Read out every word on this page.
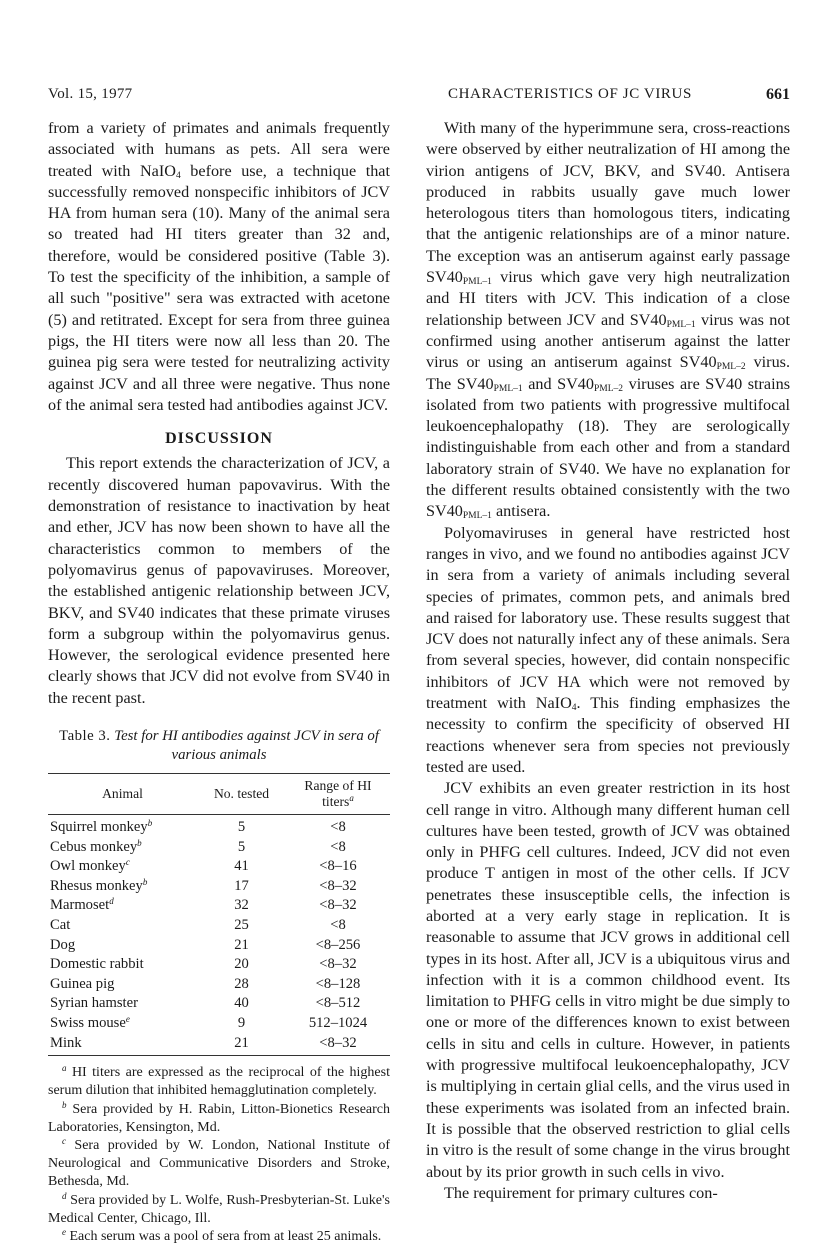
Vol. 15, 1977	CHARACTERISTICS OF JC VIRUS	661

from a variety of primates and animals frequently associated with humans as pets. All sera were treated with NaIO$_4$ before use, a technique that successfully removed nonspecific inhibitors of JCV HA from human sera (10). Many of the animal sera so treated had HI titers greater than 32 and, therefore, would be considered positive (Table 3). To test the specificity of the inhibition, a sample of all such "positive" sera was extracted with acetone (5) and retitrated. Except for sera from three guinea pigs, the HI titers were now all less than 20. The guinea pig sera were tested for neutralizing activity against JCV and all three were negative. Thus none of the animal sera tested had antibodies against JCV.

DISCUSSION

This report extends the characterization of JCV, a recently discovered human papovavirus. With the demonstration of resistance to inactivation by heat and ether, JCV has now been shown to have all the characteristics common to members of the polyomavirus genus of papovaviruses. Moreover, the established antigenic relationship between JCV, BKV, and SV40 indicates that these primate viruses form a subgroup within the polyomavirus genus. However, the serological evidence presented here clearly shows that JCV did not evolve from SV40 in the recent past.

Table 3. Test for HI antibodies against JCV in sera of various animals
Animal	No. tested	Range of HI titers$^a$
Squirrel monkey$^b$	5	<8
Cebus monkey$^b$	5	<8
Owl monkey$^c$	41	<8–16
Rhesus monkey$^b$	17	<8–32
Marmoset$^d$	32	<8–32
Cat	25	<8
Dog	21	<8–256
Domestic rabbit	20	<8–32
Guinea pig	28	<8–128
Syrian hamster	40	<8–512
Swiss mouse$^e$	9	512–1024
Mink	21	<8–32

$^a$ HI titers are expressed as the reciprocal of the highest serum dilution that inhibited hemagglutination completely.

$^b$ Sera provided by H. Rabin, Litton-Bionetics Research Laboratories, Kensington, Md.

$^c$ Sera provided by W. London, National Institute of Neurological and Communicative Disorders and Stroke, Bethesda, Md.

$^d$ Sera provided by L. Wolfe, Rush-Presbyterian-St. Luke's Medical Center, Chicago, Ill.

$^e$ Each serum was a pool of sera from at least 25 animals.

With many of the hyperimmune sera, cross-reactions were observed by either neutralization of HI among the virion antigens of JCV, BKV, and SV40. Antisera produced in rabbits usually gave much lower heterologous titers than homologous titers, indicating that the antigenic relationships are of a minor nature. The exception was an antiserum against early passage $SV40_{PML-1}$ virus which gave very high neutralization and HI titers with JCV. This indication of a close relationship between JCV and $SV40_{PML-1}$ virus was not confirmed using another antiserum against the latter virus or using an antiserum against $SV40_{PML-2}$ virus. The $SV40_{PML-1}$ and $SV40_{PML-2}$ viruses are SV40 strains isolated from two patients with progressive multifocal leukoencephalopathy (18). They are serologically indistinguishable from each other and from a standard laboratory strain of SV40. We have no explanation for the different results obtained consistently with the two $SV40_{PML-1}$ antisera.

Polyomaviruses in general have restricted host ranges in vivo, and we found no antibodies against JCV in sera from a variety of animals including several species of primates, common pets, and animals bred and raised for laboratory use. These results suggest that JCV does not naturally infect any of these animals. Sera from several species, however, did contain nonspecific inhibitors of JCV HA which were not removed by treatment with NaIO$_4$. This finding emphasizes the necessity to confirm the specificity of observed HI reactions whenever sera from species not previously tested are used.

JCV exhibits an even greater restriction in its host cell range in vitro. Although many different human cell cultures have been tested, growth of JCV was obtained only in PHFG cell cultures. Indeed, JCV did not even produce T antigen in most of the other cells. If JCV penetrates these insusceptible cells, the infection is aborted at a very early stage in replication. It is reasonable to assume that JCV grows in additional cell types in its host. After all, JCV is a ubiquitous virus and infection with it is a common childhood event. Its limitation to PHFG cells in vitro might be due simply to one or more of the differences known to exist between cells in situ and cells in culture. However, in patients with progressive multifocal leukoencephalopathy, JCV is multiplying in certain glial cells, and the virus used in these experiments was isolated from an infected brain. It is possible that the observed restriction to glial cells in vitro is the result of some change in the virus brought about by its prior growth in such cells in vivo.

The requirement for primary cultures con-
